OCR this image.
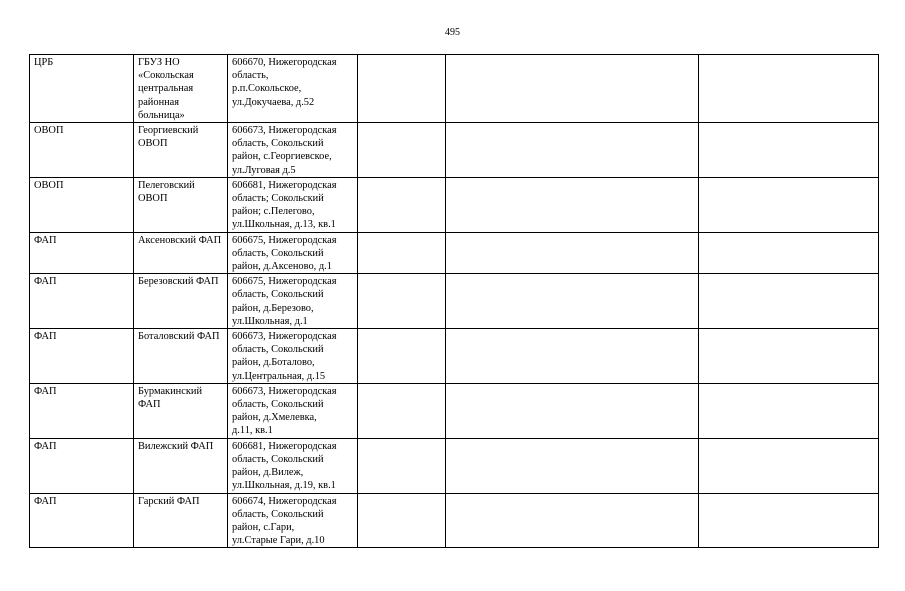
495
ЦРБ	ГБУЗ НО «Сокольская центральная районная больница»	606670, Нижегородская
область,
р.п.Сокольское,
ул.Докучаева, д.52			

ОВОП	Георгиевский ОВОП	606673, Нижегородская
область, Сокольский
район, с.Георгиевское,
ул.Луговая д.5			

ОВОП	Пелеговский ОВОП	606681, Нижегородская
область; Сокольский
район; с.Пелегово,
ул.Школьная, д.13, кв.1			

ФАП	Аксеновский ФАП	606675, Нижегородская
область, Сокольский
район, д.Аксеново, д.1			

ФАП	Березовский ФАП	606675, Нижегородская
область, Сокольский
район, д.Березово,
ул.Школьная, д.1			

ФАП	Боталовский ФАП	606673, Нижегородская
область, Сокольский
район, д.Боталово,
ул.Центральная, д.15			

ФАП	Бурмакинский ФАП	606673, Нижегородская
область, Сокольский
район, д.Хмелевка,
д.11, кв.1			

ФАП	Вилежский ФАП	606681, Нижегородская
область, Сокольский
район, д.Вилеж,
ул.Школьная, д.19, кв.1			

ФАП	Гарский ФАП	606674, Нижегородская
область, Сокольский
район, с.Гари,
ул.Старые Гари, д.10			
